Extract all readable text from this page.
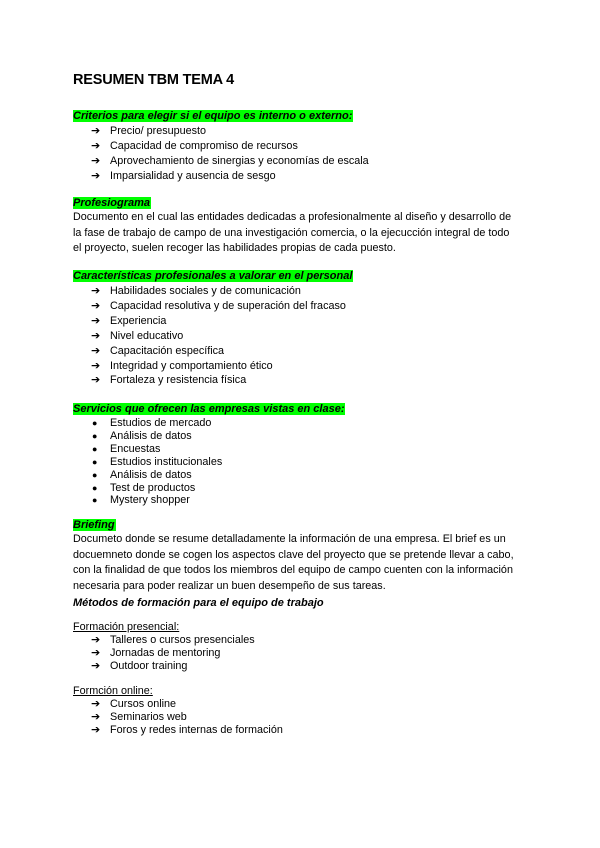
RESUMEN TBM TEMA 4
Criterios para elegir si el equipo es interno o externo:
➔ Precio/ presupuesto
➔ Capacidad de compromiso de recursos
➔ Aprovechamiento de sinergias y economías de escala
➔ Imparsialidad y ausencia de sesgo
Profesiograma
Documento en el cual las entidades dedicadas a profesionalmente al diseño y desarrollo de
la fase de trabajo de campo de una investigación comercia, o la ejecucción integral de todo
el proyecto, suelen recoger las habilidades propias de cada puesto.
Características profesionales a valorar en el personal
➔ Habilidades sociales y de comunicación
➔ Capacidad resolutiva y de superación del fracaso
➔ Experiencia
➔ Nivel educativo
➔ Capacitación específica
➔ Integridad y comportamiento ético
➔ Fortaleza y resistencia física
Servicios que ofrecen las empresas vistas en clase:
● Estudios de mercado
● Análisis de datos
● Encuestas
● Estudios institucionales
● Análisis de datos
● Test de productos
● Mystery shopper
Briefing
Documeto donde se resume detalladamente la información de una empresa. El brief es un
docuemneto donde se cogen los aspectos clave del proyecto que se pretende llevar a cabo,
con la finalidad de que todos los miembros del equipo de campo cuenten con la información
necesaria para poder realizar un buen desempeño de sus tareas.
Métodos de formación para el equipo de trabajo
Formación presencial:
➔ Talleres o cursos presenciales
➔ Jornadas de mentoring
➔ Outdoor training
Formción online:
➔ Cursos online
➔ Seminarios web
➔ Foros y redes internas de formación
